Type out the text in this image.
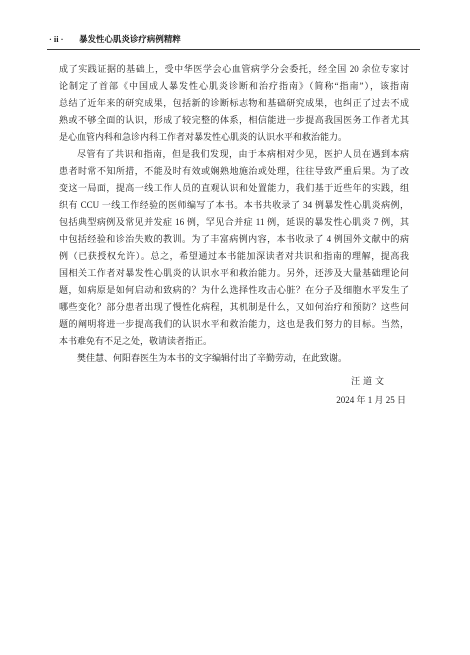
· ii · 暴发性心肌炎诊疗病例精粹
成了实践证据的基础上，受中华医学会心血管病学分会委托，经全国 20 余位专家讨
论制定了首部《中国成人暴发性心肌炎诊断和治疗指南》（简称“指南”），该指南
总结了近年来的研究成果，包括新的诊断标志物和基础研究成果，也纠正了过去不成
熟或不够全面的认识，形成了较完整的体系，相信能进一步提高我国医务工作者尤其
是心血管内科和急诊内科工作者对暴发性心肌炎的认识水平和救治能力。
尽管有了共识和指南，但是我们发现，由于本病相对少见，医护人员在遇到本病
患者时常不知所措，不能及时有效或娴熟地施治或处理，往往导致严重后果。为了改
变这一局面，提高一线工作人员的直观认识和处置能力，我们基于近些年的实践，组
织有 CCU 一线工作经验的医师编写了本书。本书共收录了 34 例暴发性心肌炎病例，
包括典型病例及常见并发症 16 例，罕见合并症 11 例，延误的暴发性心肌炎 7 例，其
中包括经验和诊治失败的教训。为了丰富病例内容，本书收录了 4 例国外文献中的病
例（已获授权允许）。总之，希望通过本书能加深读者对共识和指南的理解，提高我
国相关工作者对暴发性心肌炎的认识水平和救治能力。另外，还涉及大量基础理论问
题，如病原是如何启动和致病的？为什么选择性攻击心脏？在分子及细胞水平发生了
哪些变化？部分患者出现了慢性化病程，其机制是什么，又如何治疗和预防？这些问
题的阐明将进一步提高我们的认识水平和救治能力，这也是我们努力的目标。当然，
本书难免有不足之处，敬请读者指正。
樊佳慧、何阳春医生为本书的文字编辑付出了辛勤劳动，在此致谢。
汪道文
2024 年 1 月 25 日
